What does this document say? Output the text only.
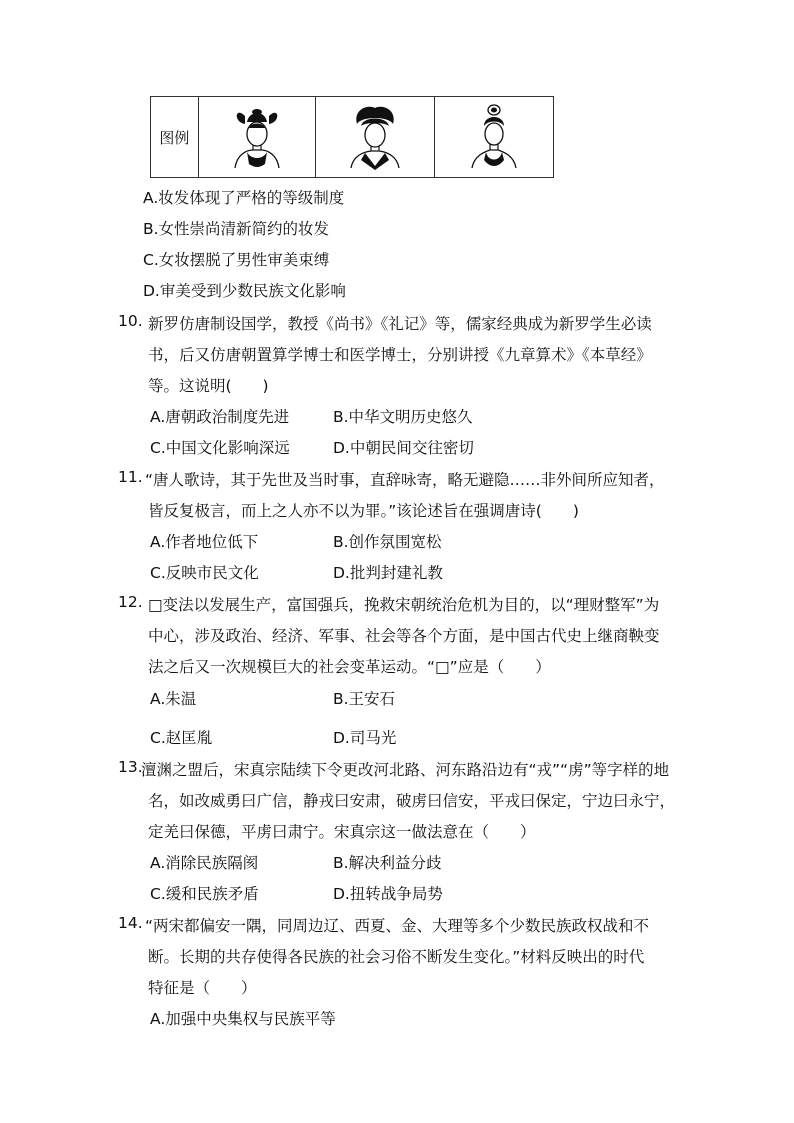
图例
A.妆发体现了严格的等级制度
B.女性崇尚清新简约的妆发
C.女妆摆脱了男性审美束缚
D.审美受到少数民族文化影响
10. 新罗仿唐制设国学，教授《尚书》《礼记》等，儒家经典成为新罗学生必读
书，后又仿唐朝置算学博士和医学博士，分别讲授《九章算术》《本草经》
等。这说明(　　)
A.唐朝政治制度先进	B.中华文明历史悠久
C.中国文化影响深远	D.中朝民间交往密切
11. “唐人歌诗，其于先世及当时事，直辞咏寄，略无避隐……非外间所应知者，
皆反复极言，而上之人亦不以为罪。”该论述旨在强调唐诗(　　)
A.作者地位低下	B.创作氛围宽松
C.反映市民文化	D.批判封建礼教
12. □变法以发展生产，富国强兵，挽救宋朝统治危机为目的，以“理财整军”为
中心，涉及政治、经济、军事、社会等各个方面，是中国古代史上继商鞅变
法之后又一次规模巨大的社会变革运动。“□”应是（　　）
A.朱温	B.王安石
C.赵匡胤	D.司马光
13.
澶渊之盟后，宋真宗陆续下令更改河北路、河东路沿边有“戎”“虏”等字样的地
名，如改威勇曰广信，静戎曰安肃，破虏曰信安，平戎曰保定，宁边曰永宁，
定羌曰保德，平虏曰肃宁。宋真宗这一做法意在（　　）
A.消除民族隔阂	B.解决利益分歧
C.缓和民族矛盾	D.扭转战争局势
14. “两宋都偏安一隅，同周边辽、西夏、金、大理等多个少数民族政权战和不
断。长期的共存使得各民族的社会习俗不断发生变化。”材料反映出的时代
特征是（　　）
A.加强中央集权与民族平等
